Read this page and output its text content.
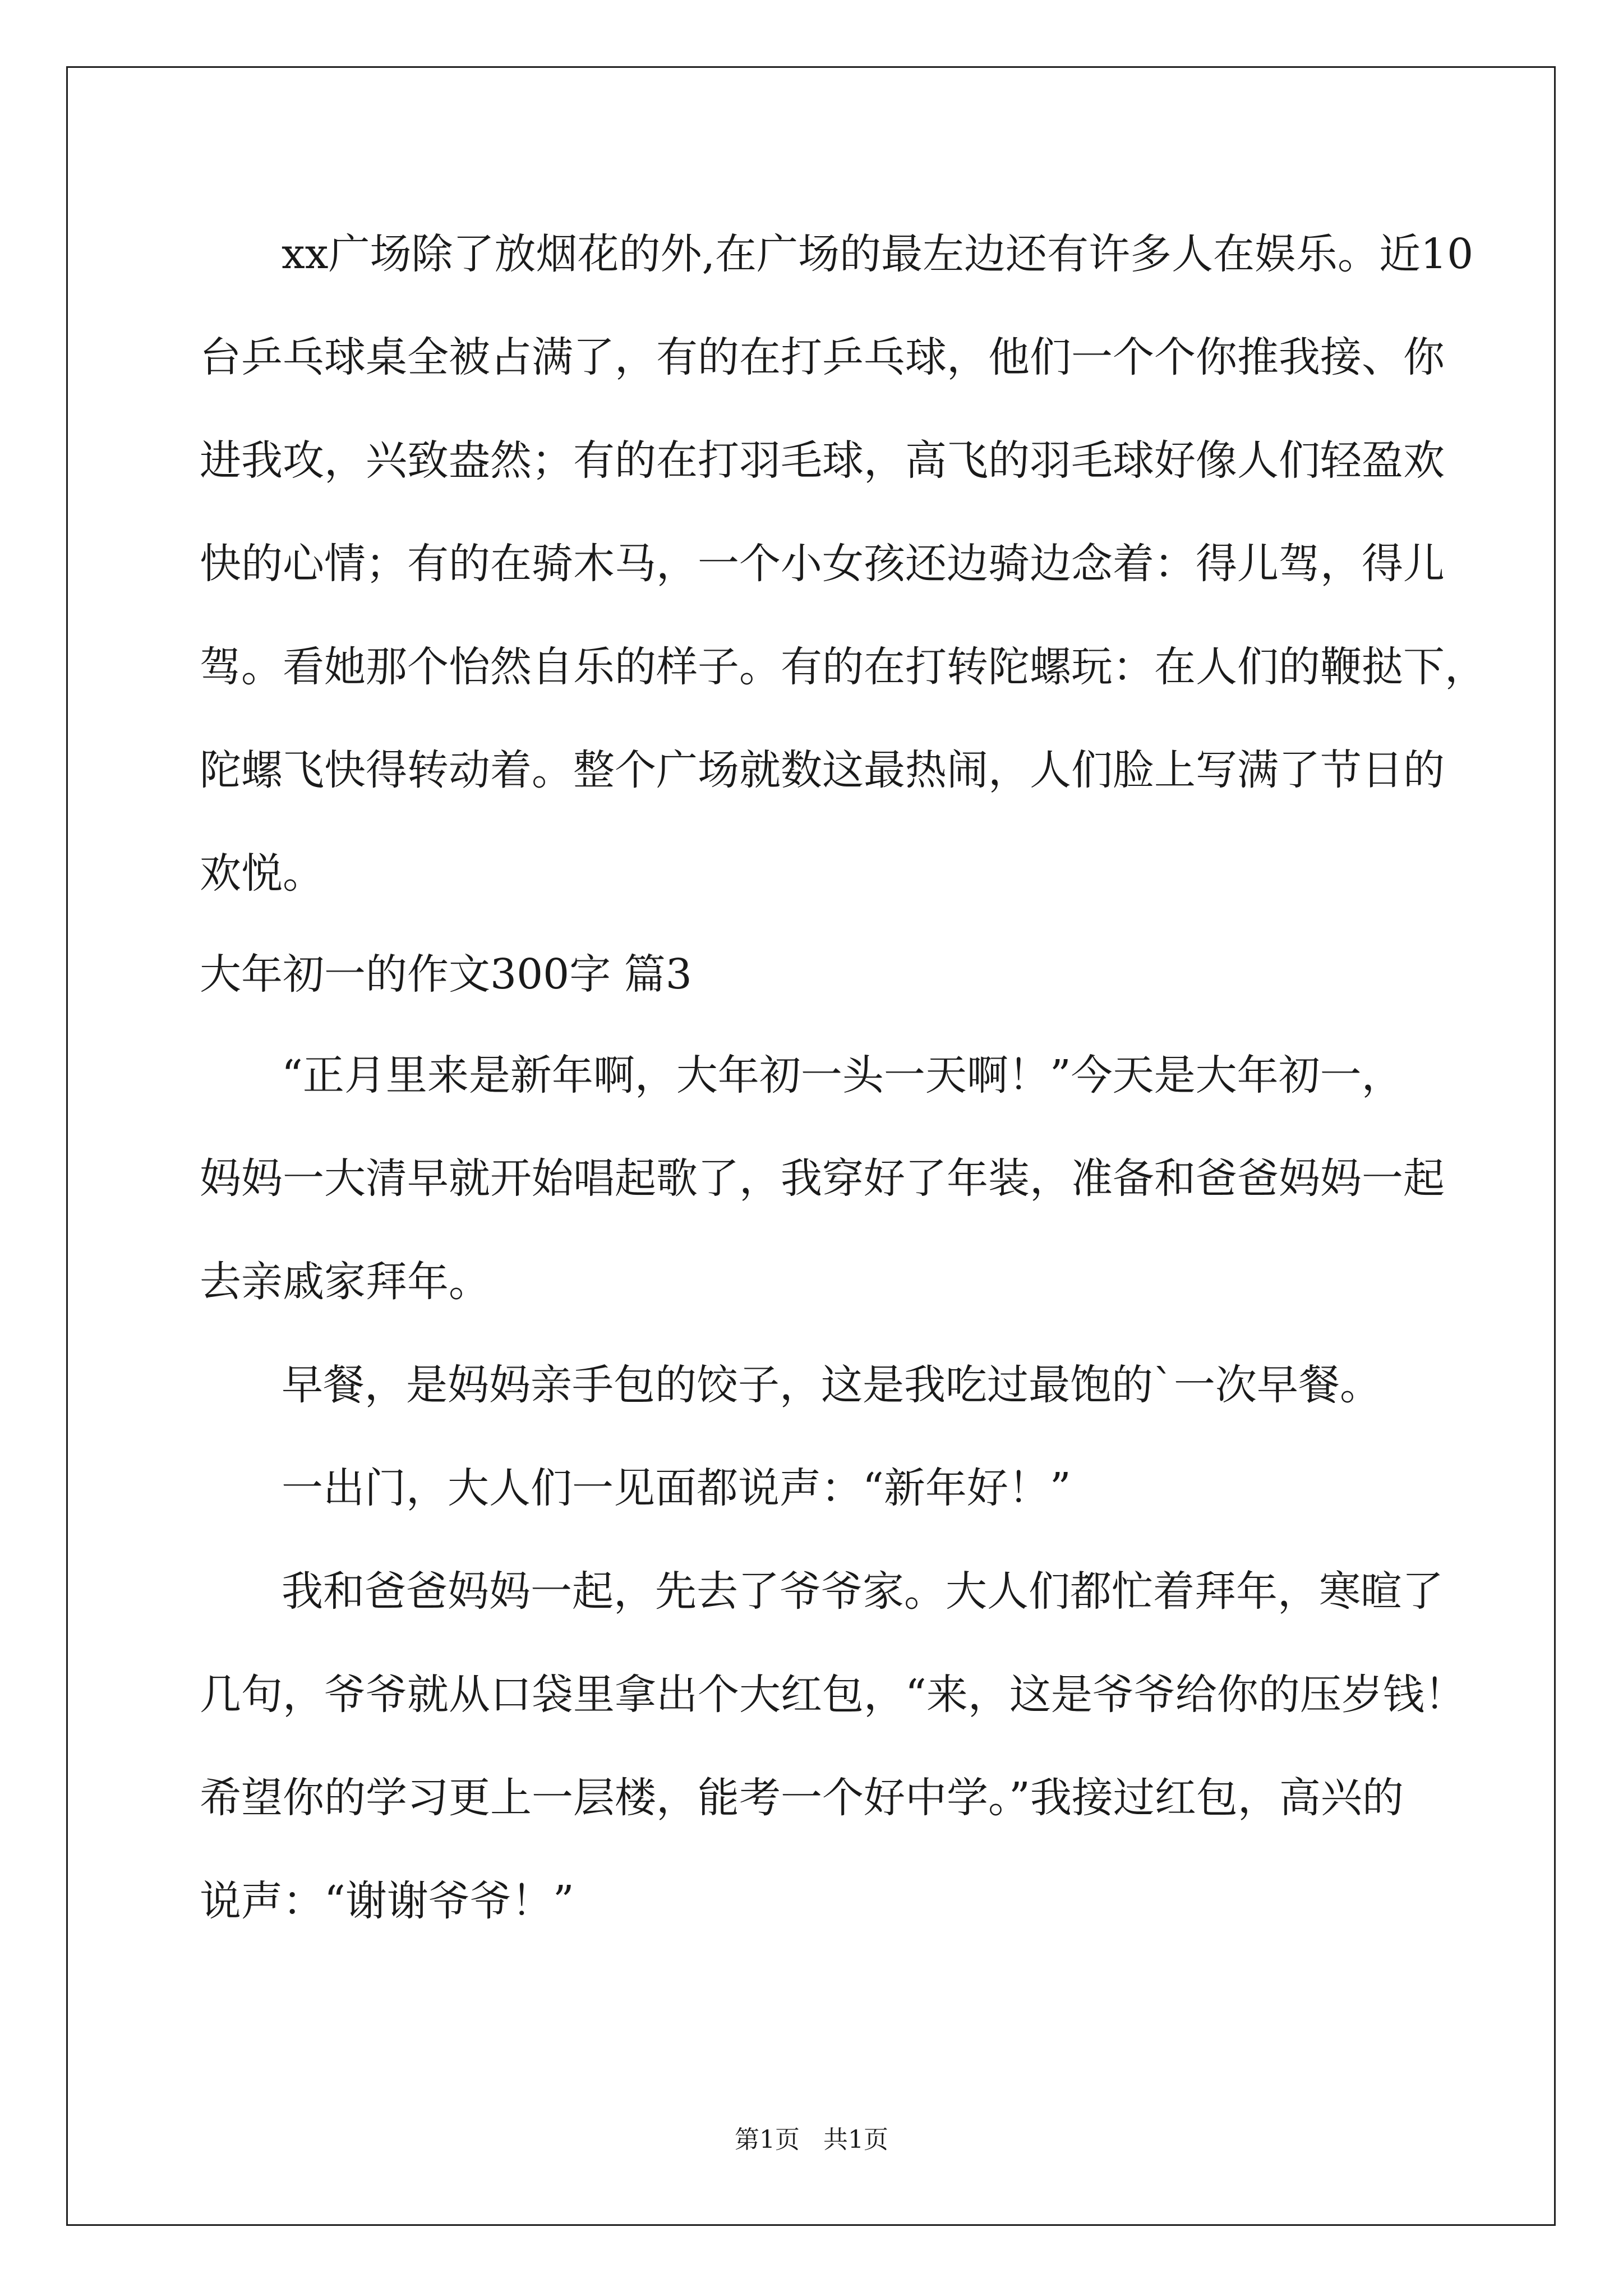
xx广场除了放烟花的外,在广场的最左边还有许多人在娱乐。近10
台乒乓球桌全被占满了，有的在打乒乓球，他们一个个你推我接、你
进我攻，兴致盎然；有的在打羽毛球，高飞的羽毛球好像人们轻盈欢
快的心情；有的在骑木马，一个小女孩还边骑边念着：得儿驾，得儿
驾。看她那个怡然自乐的样子。有的在打转陀螺玩：在人们的鞭挞下，
陀螺飞快得转动着。整个广场就数这最热闹，人们脸上写满了节日的
欢悦。
大年初一的作文300字 篇3
“正月里来是新年啊，大年初一头一天啊！”今天是大年初一，
妈妈一大清早就开始唱起歌了，我穿好了年装，准备和爸爸妈妈一起
去亲戚家拜年。
早餐，是妈妈亲手包的饺子，这是我吃过最饱的`一次早餐。
一出门，大人们一见面都说声：“新年好！”
我和爸爸妈妈一起，先去了爷爷家。大人们都忙着拜年，寒暄了
几句，爷爷就从口袋里拿出个大红包，“来，这是爷爷给你的压岁钱！
希望你的学习更上一层楼，能考一个好中学。”我接过红包，高兴的
说声：“谢谢爷爷！”
第1页   共1页
